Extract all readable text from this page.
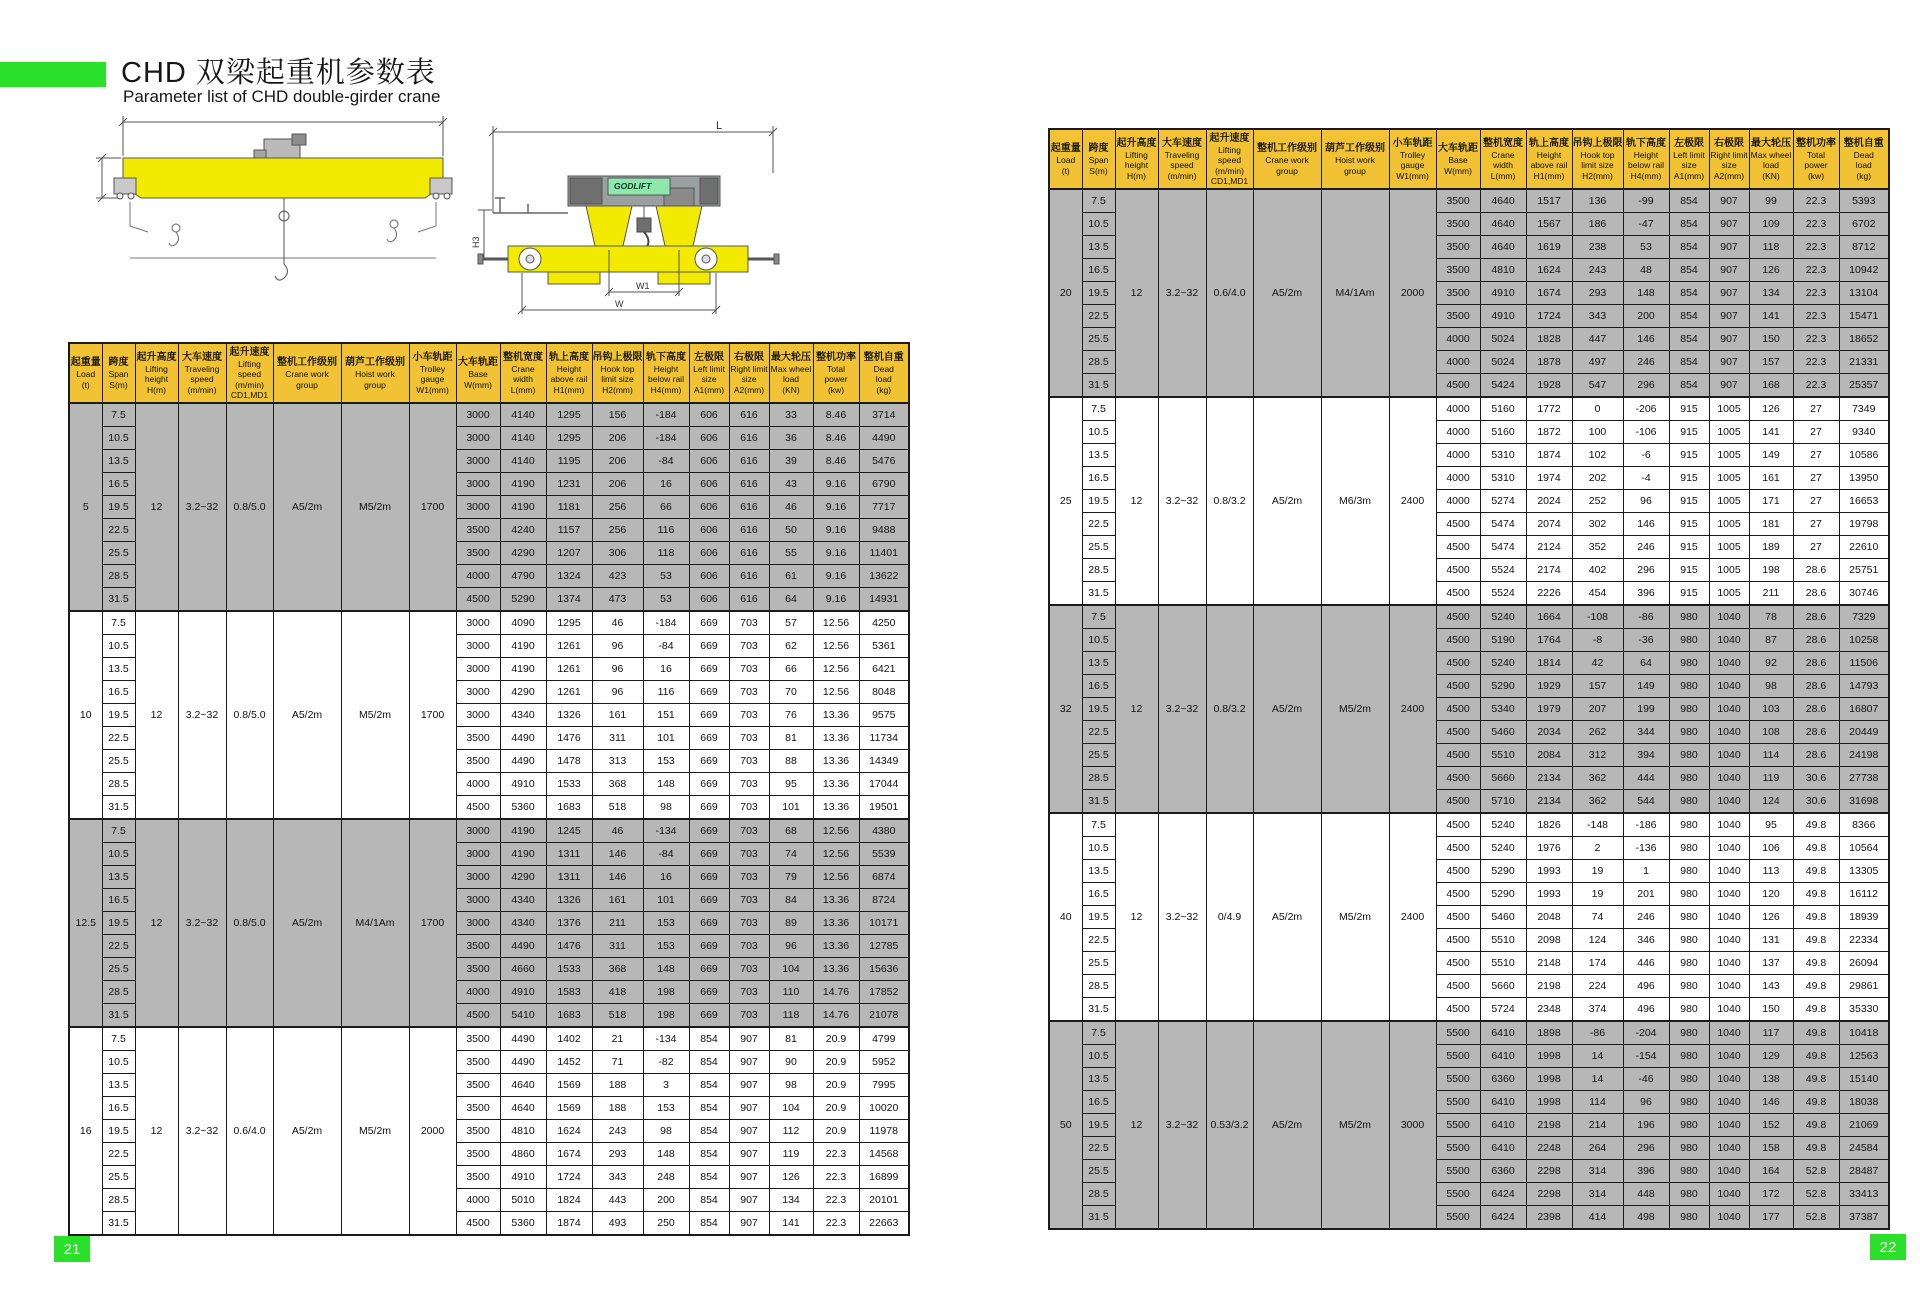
CHD 双梁起重机参数表
Parameter list of CHD double-girder crane
L
H3
GODLIFT
W1
W
起重量
Load
(t)

跨度
Span
S(m)

起升高度
Lifting
height
H(m)

大车速度
Traveling
speed
(m/min)

起升速度
Lifting
speed
(m/min)
CD1,MD1

整机工作级别
Crane work
group

葫芦工作级别
Hoist work
group

小车轨距
Trolley
gauge
W1(mm)

大车轨距
Base
W(mm)

整机宽度
Crane
width
L(mm)

轨上高度
Height
above rail
H1(mm)

吊钩上极限
Hook top
limit size
H2(mm)

轨下高度
Height
below rail
H4(mm)

左极限
Left limit
size
A1(mm)

右极限
Right limit
size
A2(mm)

最大轮压
Max wheel
load
(KN)

整机功率
Total
power
(kw)

整机自重
Dead
load
(kg)

5	7.5	12	3.2~32	0.8/5.0	A5/2m	M5/2m	1700	3000	4140	1295	156	-184	606	616	33	8.46	3714
	10.5							3000	4140	1295	206	-184	606	616	36	8.46	4490
	13.5							3000	4140	1195	206	-84	606	616	39	8.46	5476
	16.5							3000	4190	1231	206	16	606	616	43	9.16	6790
	19.5							3000	4190	1181	256	66	606	616	46	9.16	7717
	22.5							3500	4240	1157	256	116	606	616	50	9.16	9488
	25.5							3500	4290	1207	306	118	606	616	55	9.16	11401
	28.5							4000	4790	1324	423	53	606	616	61	9.16	13622
	31.5							4500	5290	1374	473	53	606	616	64	9.16	14931
10	7.5	12	3.2~32	0.8/5.0	A5/2m	M5/2m	1700	3000	4090	1295	46	-184	669	703	57	12.56	4250
	10.5							3000	4190	1261	96	-84	669	703	62	12.56	5361
	13.5							3000	4190	1261	96	16	669	703	66	12.56	6421
	16.5							3000	4290	1261	96	116	669	703	70	12.56	8048
	19.5							3000	4340	1326	161	151	669	703	76	13.36	9575
	22.5							3500	4490	1476	311	101	669	703	81	13.36	11734
	25.5							3500	4490	1478	313	153	669	703	88	13.36	14349
	28.5							4000	4910	1533	368	148	669	703	95	13.36	17044
	31.5							4500	5360	1683	518	98	669	703	101	13.36	19501
12.5	7.5	12	3.2~32	0.8/5.0	A5/2m	M4/1Am	1700	3000	4190	1245	46	-134	669	703	68	12.56	4380
	10.5							3000	4190	1311	146	-84	669	703	74	12.56	5539
	13.5							3000	4290	1311	146	16	669	703	79	12.56	6874
	16.5							3000	4340	1326	161	101	669	703	84	13.36	8724
	19.5							3000	4340	1376	211	153	669	703	89	13.36	10171
	22.5							3500	4490	1476	311	153	669	703	96	13.36	12785
	25.5							3500	4660	1533	368	148	669	703	104	13.36	15636
	28.5							4000	4910	1583	418	198	669	703	110	14.76	17852
	31.5							4500	5410	1683	518	198	669	703	118	14.76	21078
16	7.5	12	3.2~32	0.6/4.0	A5/2m	M5/2m	2000	3500	4490	1402	21	-134	854	907	81	20.9	4799
	10.5							3500	4490	1452	71	-82	854	907	90	20.9	5952
	13.5							3500	4640	1569	188	3	854	907	98	20.9	7995
	16.5							3500	4640	1569	188	153	854	907	104	20.9	10020
	19.5							3500	4810	1624	243	98	854	907	112	20.9	11978
	22.5							3500	4860	1674	293	148	854	907	119	22.3	14568
	25.5							3500	4910	1724	343	248	854	907	126	22.3	16899
	28.5							4000	5010	1824	443	200	854	907	134	22.3	20101
	31.5							4500	5360	1874	493	250	854	907	141	22.3	22663
起重量
Load
(t)

跨度
Span
S(m)

起升高度
Lifting
height
H(m)

大车速度
Traveling
speed
(m/min)

起升速度
Lifting
speed
(m/min)
CD1,MD1

整机工作级别
Crane work
group

葫芦工作级别
Hoist work
group

小车轨距
Trolley
gauge
W1(mm)

大车轨距
Base
W(mm)

整机宽度
Crane
width
L(mm)

轨上高度
Height
above rail
H1(mm)

吊钩上极限
Hook top
limit size
H2(mm)

轨下高度
Height
below rail
H4(mm)

左极限
Left limit
size
A1(mm)

右极限
Right limit
size
A2(mm)

最大轮压
Max wheel
load
(KN)

整机功率
Total
power
(kw)

整机自重
Dead
load
(kg)

20	7.5	12	3.2~32	0.6/4.0	A5/2m	M4/1Am	2000	3500	4640	1517	136	-99	854	907	99	22.3	5393
	10.5							3500	4640	1567	186	-47	854	907	109	22.3	6702
	13.5							3500	4640	1619	238	53	854	907	118	22.3	8712
	16.5							3500	4810	1624	243	48	854	907	126	22.3	10942
	19.5							3500	4910	1674	293	148	854	907	134	22.3	13104
	22.5							3500	4910	1724	343	200	854	907	141	22.3	15471
	25.5							4000	5024	1828	447	146	854	907	150	22.3	18652
	28.5							4000	5024	1878	497	246	854	907	157	22.3	21331
	31.5							4500	5424	1928	547	296	854	907	168	22.3	25357
25	7.5	12	3.2~32	0.8/3.2	A5/2m	M6/3m	2400	4000	5160	1772	0	-206	915	1005	126	27	7349
	10.5							4000	5160	1872	100	-106	915	1005	141	27	9340
	13.5							4000	5310	1874	102	-6	915	1005	149	27	10586
	16.5							4000	5310	1974	202	-4	915	1005	161	27	13950
	19.5							4000	5274	2024	252	96	915	1005	171	27	16653
	22.5							4500	5474	2074	302	146	915	1005	181	27	19798
	25.5							4500	5474	2124	352	246	915	1005	189	27	22610
	28.5							4500	5524	2174	402	296	915	1005	198	28.6	25751
	31.5							4500	5524	2226	454	396	915	1005	211	28.6	30746
32	7.5	12	3.2~32	0.8/3.2	A5/2m	M5/2m	2400	4500	5240	1664	-108	-86	980	1040	78	28.6	7329
	10.5							4500	5190	1764	-8	-36	980	1040	87	28.6	10258
	13.5							4500	5240	1814	42	64	980	1040	92	28.6	11506
	16.5							4500	5290	1929	157	149	980	1040	98	28.6	14793
	19.5							4500	5340	1979	207	199	980	1040	103	28.6	16807
	22.5							4500	5460	2034	262	344	980	1040	108	28.6	20449
	25.5							4500	5510	2084	312	394	980	1040	114	28.6	24198
	28.5							4500	5660	2134	362	444	980	1040	119	30.6	27738
	31.5							4500	5710	2134	362	544	980	1040	124	30.6	31698
40	7.5	12	3.2~32	0/4.9	A5/2m	M5/2m	2400	4500	5240	1826	-148	-186	980	1040	95	49.8	8366
	10.5							4500	5240	1976	2	-136	980	1040	106	49.8	10564
	13.5							4500	5290	1993	19	1	980	1040	113	49.8	13305
	16.5							4500	5290	1993	19	201	980	1040	120	49.8	16112
	19.5							4500	5460	2048	74	246	980	1040	126	49.8	18939
	22.5							4500	5510	2098	124	346	980	1040	131	49.8	22334
	25.5							4500	5510	2148	174	446	980	1040	137	49.8	26094
	28.5							4500	5660	2198	224	496	980	1040	143	49.8	29861
	31.5							4500	5724	2348	374	496	980	1040	150	49.8	35330
50	7.5	12	3.2~32	0.53/3.2	A5/2m	M5/2m	3000	5500	6410	1898	-86	-204	980	1040	117	49.8	10418
	10.5							5500	6410	1998	14	-154	980	1040	129	49.8	12563
	13.5							5500	6360	1998	14	-46	980	1040	138	49.8	15140
	16.5							5500	6410	1998	114	96	980	1040	146	49.8	18038
	19.5							5500	6410	2198	214	196	980	1040	152	49.8	21069
	22.5							5500	6410	2248	264	296	980	1040	158	49.8	24584
	25.5							5500	6360	2298	314	396	980	1040	164	52.8	28487
	28.5							5500	6424	2298	314	448	980	1040	172	52.8	33413
	31.5							5500	6424	2398	414	498	980	1040	177	52.8	37387
21	22
